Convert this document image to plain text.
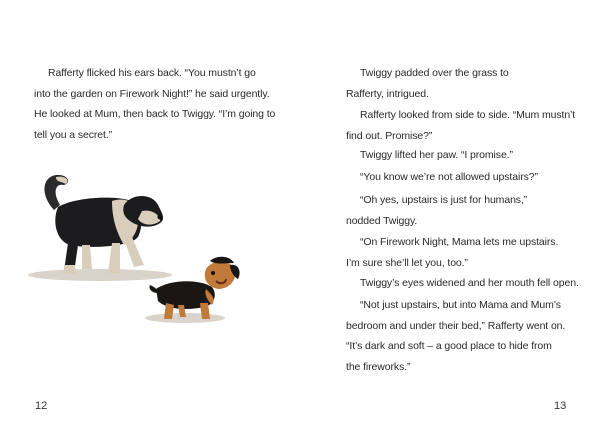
Rafferty flicked his ears back. “You mustn’t go
into the garden on Firework Night!” he said urgently.
He looked at Mum, then back to Twiggy. “I’m going to
tell you a secret.”
12
Twiggy padded over the grass to
Rafferty, intrigued.
Rafferty looked from side to side. “Mum mustn’t
find out. Promise?”
Twiggy lifted her paw. “I promise.”
“You know we’re not allowed upstairs?”
“Oh yes, upstairs is just for humans,”
nodded Twiggy.
“On Firework Night, Mama lets me upstairs.
I’m sure she’ll let you, too.”
Twiggy’s eyes widened and her mouth fell open.
“Not just upstairs, but into Mama and Mum’s
bedroom and under their bed,” Rafferty went on.
“It’s dark and soft – a good place to hide from
the fireworks.”
13
